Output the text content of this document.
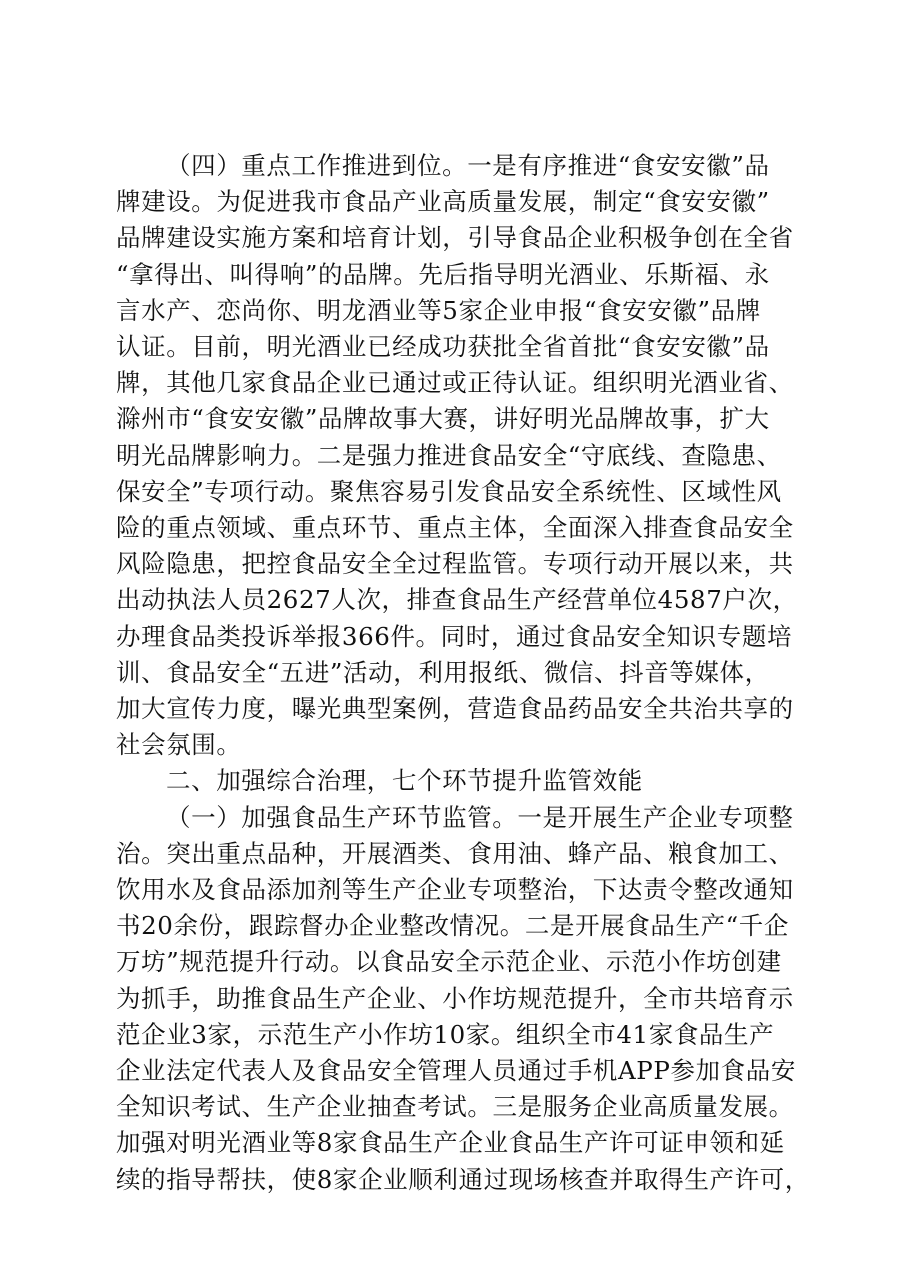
（四）重点工作推进到位。一是有序推进“食安安徽”品
牌建设。为促进我市食品产业高质量发展，制定“食安安徽”
品牌建设实施方案和培育计划，引导食品企业积极争创在全省
“拿得出、叫得响”的品牌。先后指导明光酒业、乐斯福、永
言水产、恋尚你、明龙酒业等5家企业申报“食安安徽”品牌
认证。目前，明光酒业已经成功获批全省首批“食安安徽”品
牌，其他几家食品企业已通过或正待认证。组织明光酒业省、
滁州市“食安安徽”品牌故事大赛，讲好明光品牌故事，扩大
明光品牌影响力。二是强力推进食品安全“守底线、查隐患、
保安全”专项行动。聚焦容易引发食品安全系统性、区域性风
险的重点领域、重点环节、重点主体，全面深入排查食品安全
风险隐患，把控食品安全全过程监管。专项行动开展以来，共
出动执法人员2627人次，排查食品生产经营单位4587户次，
办理食品类投诉举报366件。同时，通过食品安全知识专题培
训、食品安全“五进”活动，利用报纸、微信、抖音等媒体，
加大宣传力度，曝光典型案例，营造食品药品安全共治共享的
社会氛围。
二、加强综合治理，七个环节提升监管效能
（一）加强食品生产环节监管。一是开展生产企业专项整
治。突出重点品种，开展酒类、食用油、蜂产品、粮食加工、
饮用水及食品添加剂等生产企业专项整治，下达责令整改通知
书20余份，跟踪督办企业整改情况。二是开展食品生产“千企
万坊”规范提升行动。以食品安全示范企业、示范小作坊创建
为抓手，助推食品生产企业、小作坊规范提升，全市共培育示
范企业3家，示范生产小作坊10家。组织全市41家食品生产
企业法定代表人及食品安全管理人员通过手机APP参加食品安
全知识考试、生产企业抽查考试。三是服务企业高质量发展。
加强对明光酒业等8家食品生产企业食品生产许可证申领和延
续的指导帮扶，使8家企业顺利通过现场核查并取得生产许可，
